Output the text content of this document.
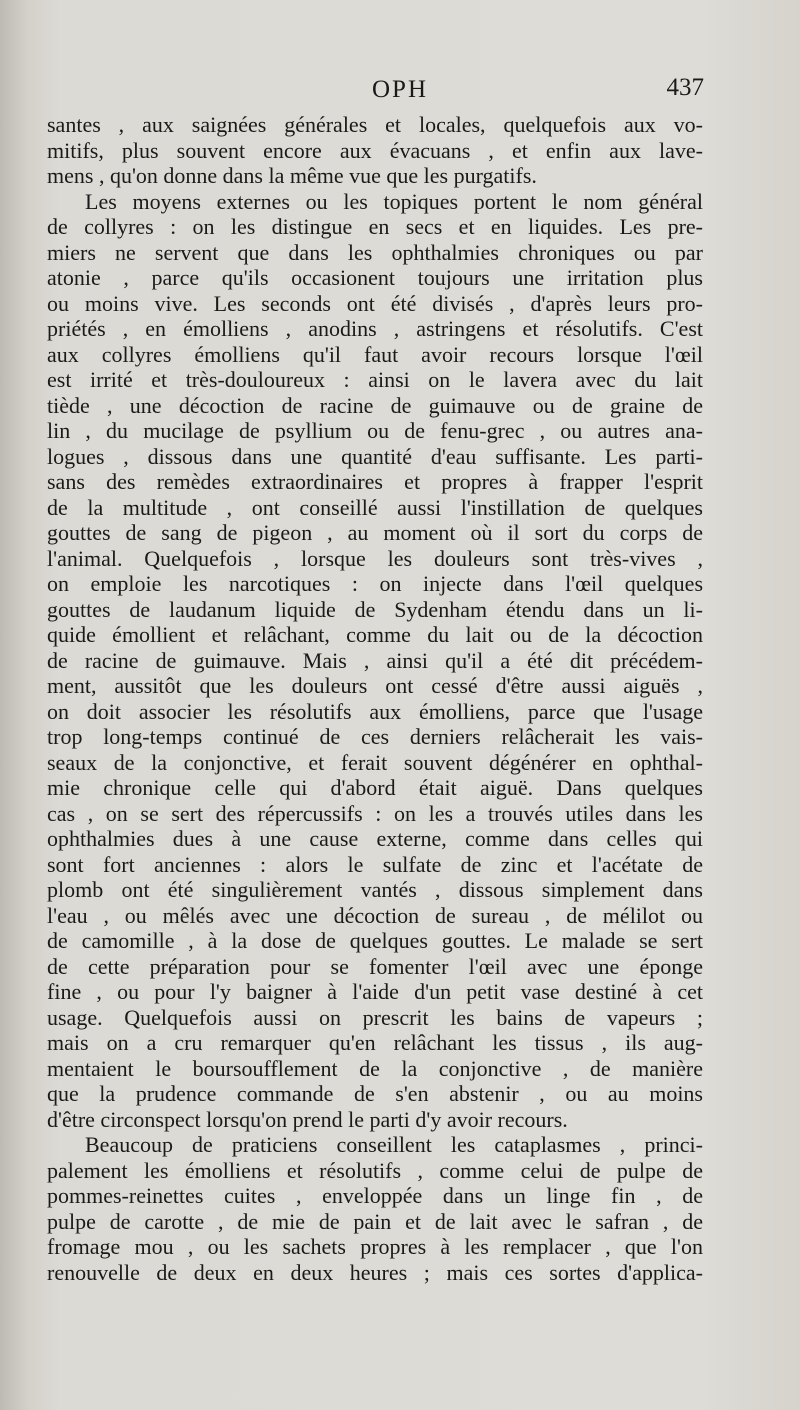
OPH	437
santes , aux saignées générales et locales, quelquefois aux vo-
mitifs, plus souvent encore aux évacuans , et enfin aux lave-
mens , qu'on donne dans la même vue que les purgatifs.
Les moyens externes ou les topiques portent le nom général
de collyres : on les distingue en secs et en liquides. Les pre-
miers ne servent que dans les ophthalmies chroniques ou par
atonie , parce qu'ils occasionent toujours une irritation plus
ou moins vive. Les seconds ont été divisés , d'après leurs pro-
priétés , en émolliens , anodins , astringens et résolutifs. C'est
aux collyres émolliens qu'il faut avoir recours lorsque l'œil
est irrité et très-douloureux : ainsi on le lavera avec du lait
tiède , une décoction de racine de guimauve ou de graine de
lin , du mucilage de psyllium ou de fenu-grec , ou autres ana-
logues , dissous dans une quantité d'eau suffisante. Les parti-
sans des remèdes extraordinaires et propres à frapper l'esprit
de la multitude , ont conseillé aussi l'instillation de quelques
gouttes de sang de pigeon , au moment où il sort du corps de
l'animal. Quelquefois , lorsque les douleurs sont très-vives ,
on emploie les narcotiques : on injecte dans l'œil quelques
gouttes de laudanum liquide de Sydenham étendu dans un li-
quide émollient et relâchant, comme du lait ou de la décoction
de racine de guimauve. Mais , ainsi qu'il a été dit précédem-
ment, aussitôt que les douleurs ont cessé d'être aussi aiguës ,
on doit associer les résolutifs aux émolliens, parce que l'usage
trop long-temps continué de ces derniers relâcherait les vais-
seaux de la conjonctive, et ferait souvent dégénérer en ophthal-
mie chronique celle qui d'abord était aiguë. Dans quelques
cas , on se sert des répercussifs : on les a trouvés utiles dans les
ophthalmies dues à une cause externe, comme dans celles qui
sont fort anciennes : alors le sulfate de zinc et l'acétate de
plomb ont été singulièrement vantés , dissous simplement dans
l'eau , ou mêlés avec une décoction de sureau , de mélilot ou
de camomille , à la dose de quelques gouttes. Le malade se sert
de cette préparation pour se fomenter l'œil avec une éponge
fine , ou pour l'y baigner à l'aide d'un petit vase destiné à cet
usage. Quelquefois aussi on prescrit les bains de vapeurs ;
mais on a cru remarquer qu'en relâchant les tissus , ils aug-
mentaient le boursoufflement de la conjonctive , de manière
que la prudence commande de s'en abstenir , ou au moins
d'être circonspect lorsqu'on prend le parti d'y avoir recours.
Beaucoup de praticiens conseillent les cataplasmes , princi-
palement les émolliens et résolutifs , comme celui de pulpe de
pommes-reinettes cuites , enveloppée dans un linge fin , de
pulpe de carotte , de mie de pain et de lait avec le safran , de
fromage mou , ou les sachets propres à les remplacer , que l'on
renouvelle de deux en deux heures ; mais ces sortes d'applica-
